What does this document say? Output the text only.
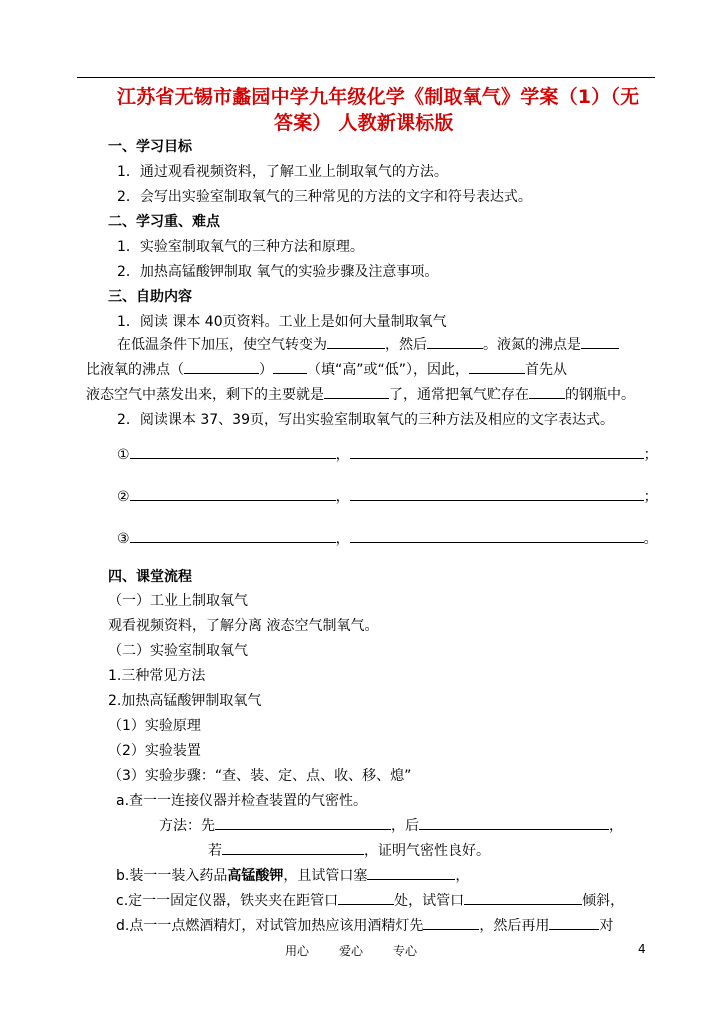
江苏省无锡市蠡园中学九年级化学《制取氧气》学案（1）（无
答案） 人教新课标版
一、学习目标
1．通过观看视频资料，了解工业上制取氧气的方法。
2．会写出实验室制取氧气的三种常见的方法的文字和符号表达式。
二、学习重、难点
1．实验室制取氧气的三种方法和原理。
2．加热高锰酸钾制取 氧气的实验步骤及注意事项。
三、自助内容
1．阅读 课本 40页资料。工业上是如何大量制取氧气
在低温条件下加压，使空气转变为	，然后	。液氮的沸点是
比液氧的沸点（	） （填“高”或“低”），因此，	首先从
液态空气中蒸发出来，剩下的主要就是	了，通常把氧气贮存在	的钢瓶中。
2．阅读课本 37、39页，写出实验室制取氧气的三种方法及相应的文字表达式。
①	，	；
②	，	；
③	，	。
四、课堂流程
（一）工业上制取氧气
观看视频资料，了解分离 液态空气制氧气。
（二）实验室制取氧气
1.三种常见方法
2.加热高锰酸钾制取氧气
（1）实验原理
（2）实验装置
（3）实验步骤：“查、装、定、点、收、移、熄”
a.查一一连接仪器并检查装置的气密性。
方法：先	，后	，
若	，证明气密性良好。
b.装一一装入药品高锰酸钾，且试管口塞	，
c.定一一固定仪器，铁夹夹在距管口	处，试管口	倾斜，
d.点一一点燃酒精灯，对试管加热应该用酒精灯先	，然后再用	对
用心 爱心 专心	4
